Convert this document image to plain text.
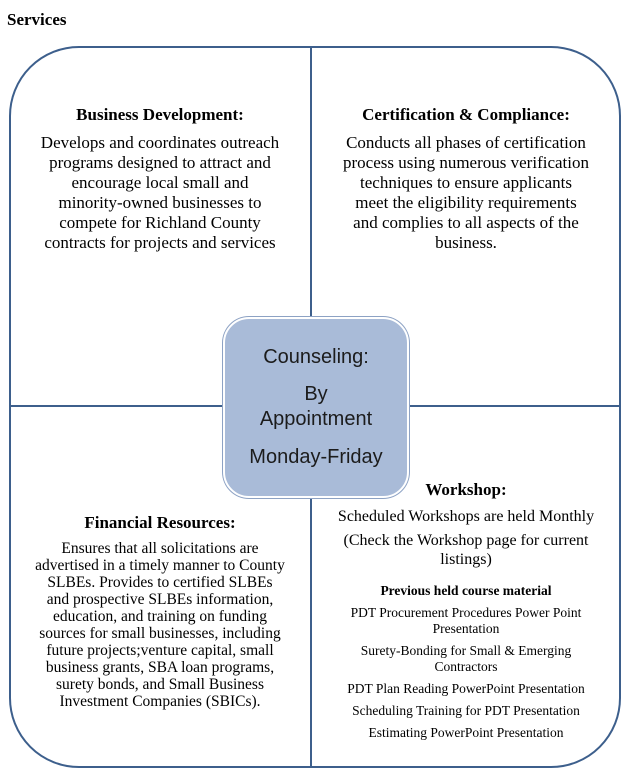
Services
Business Development:
Develops and coordinates outreach
programs designed to attract and
encourage local small and
minority-owned businesses to
compete for Richland County
contracts for projects and services
Certification & Compliance:
Conducts all phases of certification
process using numerous verification
techniques to ensure applicants
meet the eligibility requirements
and complies to all aspects of the
business.
Counseling:
By
Appointment
Monday-Friday
Financial Resources:
Ensures that all solicitations are
advertised in a timely manner to County
SLBEs. Provides to certified SLBEs
and prospective SLBEs information,
education, and training on funding
sources for small businesses, including
future projects;venture capital, small
business grants, SBA loan programs,
surety bonds, and Small Business
Investment Companies (SBICs).
Workshop:
Scheduled Workshops are held Monthly
(Check the Workshop page for current
listings)
Previous held course material
PDT Procurement Procedures Power Point
Presentation
Surety-Bonding for Small & Emerging
Contractors
PDT Plan Reading PowerPoint Presentation
Scheduling Training for PDT Presentation
Estimating PowerPoint Presentation
